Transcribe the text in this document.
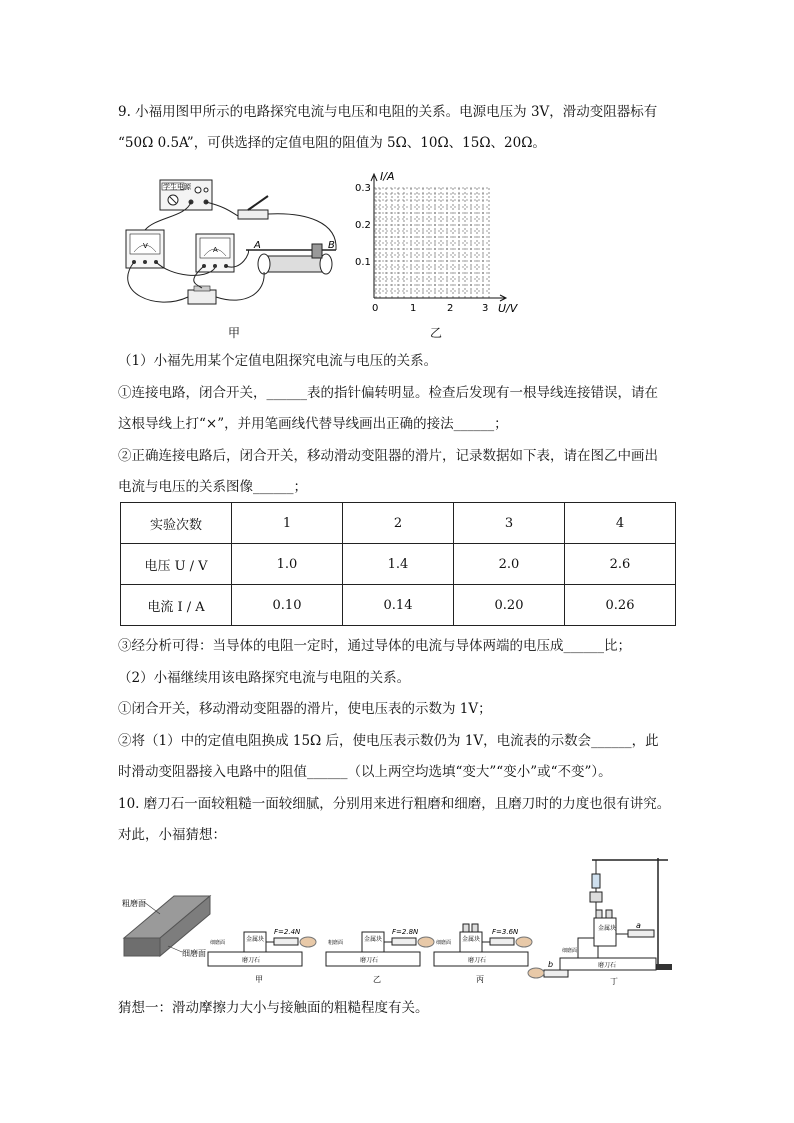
9. 小福用图甲所示的电路探究电流与电压和电阻的关系。电源电压为 3V，滑动变阻器标有
“50Ω 0.5A”，可供选择的定值电阻的阻值为 5Ω、10Ω、15Ω、20Ω。
学生电源
V	A	A	B
甲
I/A
U/V
0.3
0.2
0.1
0	1	2	3
乙
（1）小福先用某个定值电阻探究电流与电压的关系。
①连接电路，闭合开关，______表的指针偏转明显。检查后发现有一根导线连接错误，请在
这根导线上打“×”，并用笔画线代替导线画出正确的接法______；
②正确连接电路后，闭合开关，移动滑动变阻器的滑片，记录数据如下表，请在图乙中画出
电流与电压的关系图像______；
实验次数	1	2	3	4
电压 U / V	1.0	1.4	2.0	2.6
电流 I / A	0.10	0.14	0.20	0.26
③经分析可得：当导体的电阻一定时，通过导体的电流与导体两端的电压成______比；
（2）小福继续用该电路探究电流与电阻的关系。
①闭合开关，移动滑动变阻器的滑片，使电压表的示数为 1V；
②将（1）中的定值电阻换成 15Ω 后，使电压表示数仍为 1V，电流表的示数会______，此
时滑动变阻器接入电路中的阻值______（以上两空均选填“变大”“变小”或“不变”）。
10. 磨刀石一面较粗糙一面较细腻，分别用来进行粗磨和细磨，且磨刀时的力度也很有讲究。
对此，小福猜想：
粗磨面
细磨面
磨刀石
金属块
细磨面
F=2.4N
甲
磨刀石
金属块
粗磨面
F=2.8N
乙
磨刀石
金属块
细磨面
F=3.6N
丙
磨刀石
细磨面
金属块 a
b
丁
猜想一：滑动摩擦力大小与接触面的粗糙程度有关。
